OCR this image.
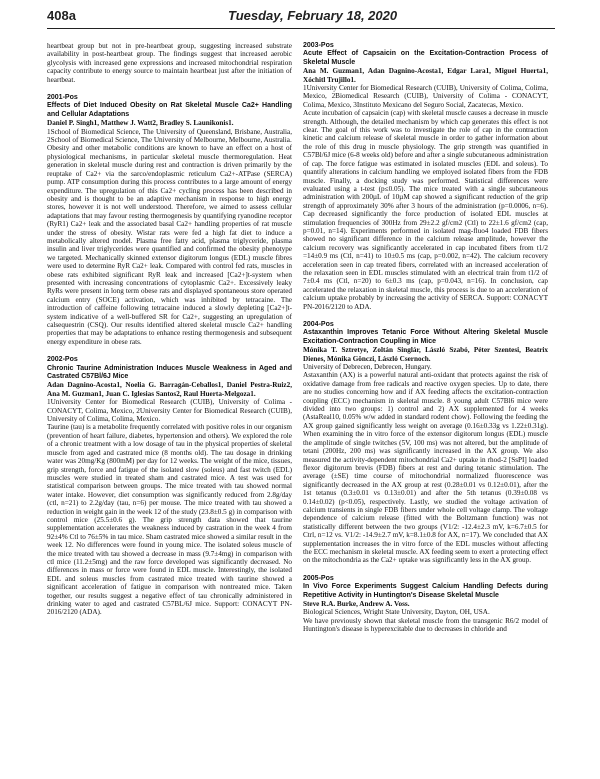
408a	Tuesday, February 18, 2020

heartbeat group but not in pre-heartbeat group, suggesting increased substrate availability in post-heartbeat group. The findings suggest that increased aerobic glycolysis with increased gene expressions and increased mitochondrial respiration capacity contribute to energy source to maintain heartbeat just after the initiation of heartbeat.

2001-Pos
Effects of Diet Induced Obesity on Rat Skeletal Muscle Ca2+ Handling and Cellular Adaptations
Daniel P. Singh1, Matthew J. Watt2, Bradley S. Launikonis1.
1School of Biomedical Science, The University of Queensland, Brisbane, Australia, 2School of Biomedical Science, The University of Melbourne, Melbourne, Australia.

Obesity and other metabolic conditions are known to have an effect on a host of physiological mechanisms, in particular skeletal muscle thermoregulation. Heat generation in skeletal muscle during rest and contraction is driven primarily by the reuptake of Ca2+ via the sarco/endoplasmic reticulum Ca2+-ATPase (SERCA) pump. ATP consumption during this process contributes to a large amount of energy expenditure. The upregulation of this Ca2+ cycling process has been described in obesity and is thought to be an adaptive mechanism in response to high energy stores, however it is not well understood. Therefore, we aimed to assess cellular adaptations that may favour resting thermogenesis by quantifying ryanodine receptor (RyR1) Ca2+ leak and the associated basal Ca2+ handling properties of rat muscle under the stress of obesity. Wistar rats were fed a high fat diet to induce a metabolically altered model. Plasma free fatty acid, plasma triglyceride, plasma insulin and liver triglycerides were quantified and confirmed the obesity phenotype we targeted. Mechanically skinned extensor digitorum longus (EDL) muscle fibres were used to determine RyR Ca2+ leak. Compared with control fed rats, muscles in obese rats exhibited significant RyR leak and increased [Ca2+]t-system when presented with increasing concentrations of cytoplasmic Ca2+. Excessively leaky RyRs were present in long term obese rats and displayed spontaneous store operated calcium entry (SOCE) activation, which was inhibited by tetracaine. The introduction of caffeine following tetracaine induced a slowly depleting [Ca2+]t-system indicative of a well-buffered SR for Ca2+, suggesting an upregulation of calsequestrin (CSQ). Our results identified altered skeletal muscle Ca2+ handling properties that may be adaptations to enhance resting thermogenesis and subsequent energy expenditure in obese rats.

2002-Pos
Chronic Taurine Administration Induces Muscle Weakness in Aged and Castrated C57Bl/6J Mice
Adan Dagnino-Acosta1, Noelia G. Barragán-Ceballos1, Daniel Pestra-Ruiz2, Ana M. Guzman1, Juan C. Iglesias Santos2, Raul Huerta-Melgoza1.
1University Center for Biomedical Research (CUIB), University of Colima - CONACYT, Colima, Mexico, 2University Center for Biomedical Research (CUIB), University of Colima, Colima, Mexico.

Taurine (tau) is a metabolite frequently correlated with positive roles in our organism (prevention of heart failure, diabetes, hypertension and others). We explored the role of a chronic treatment with a low dosage of tau in the physical properties of skeletal muscle from aged and castrated mice (8 months old). The tau dosage in drinking water was 20mg/Kg (800mM) per day for 12 weeks. The weight of the mice, tissues, grip strength, force and fatigue of the isolated slow (soleus) and fast twitch (EDL) muscles were studied in treated sham and castrated mice. A test was used for statistical comparison between groups. The mice treated with tau showed normal water intake. However, diet consumption was significantly reduced from 2.8g/day (ctl, n=21) to 2.2g/day (tau, n=6) per mouse. The mice treated with tau showed a reduction in weight gain in the week 12 of the study (23.8±0.5 g) in comparison with control mice (25.5±0.6 g). The grip strength data showed that taurine supplementation accelerates the weakness induced by castration in the week 4 from 92±4% Ctl to 76±5% in tau mice. Sham castrated mice showed a similar result in the week 12. No differences were found in young mice. The isolated soleus muscle of the mice treated with tau showed a decrease in mass (9.7±4mg) in comparison with ctl mice (11.2±5mg) and the raw force developed was significantly decreased. No differences in mass or force were found in EDL muscle. Interestingly, the isolated EDL and soleus muscles from castrated mice treated with taurine showed a significant acceleration of fatigue in comparison with nontreated mice. Taken together, our results suggest a negative effect of tau chronically administered in drinking water to aged and castrated C57BL/6J mice. Support: CONACYT PN-2016/2120 (ADA).

2003-Pos
Acute Effect of Capsaicin on the Excitation-Contraction Process of Skeletal Muscle
Ana M. Guzman1, Adan Dagnino-Acosta1, Edgar Lara1, Miguel Huerta1, Xóchitl Trujillo1.
1University Center for Biomedical Research (CUIB), University of Colima, Colima, Mexico, 2Biomedical Research (CUIB), University of Colima - CONACYT, Colima, Mexico, 3Instituto Mexicano del Seguro Social, Zacatecas, Mexico.

Acute incubation of capsaicin (cap) with skeletal muscle causes a decrease in muscle strength. Although, the detailed mechanism by which cap generates this effect is not clear. The goal of this work was to investigate the role of cap in the contraction kinetic and calcium release of skeletal muscle in order to gather information about the role of this drug in muscle physiology. The grip strength was quantified in C57Bl/6J mice (6-8 weeks old) before and after a single subcutaneous administration of cap. The force fatigue was estimated in isolated muscles (EDL and soleus). To quantify alterations in calcium handling we employed isolated fibers from the FDB muscle. Finally, a docking study was performed. Statistical differences were evaluated using a t-test (p≤0.05). The mice treated with a single subcutaneous administration with 200µL of 10µM cap showed a significant reduction of the grip strength of approximately 30% after 3 hours of the administration (p=0.0006, n=6). Cap decreased significantly the force production of isolated EDL muscles at stimulation frequencies of 300Hz from 29±2.2 gf/cm2 (Ctl) to 22±1.6 gf/cm2 (cap, p=0.01, n=14). Experiments performed in isolated mag-fluo4 loaded FDB fibers showed no significant difference in the calcium release amplitude, however the calcium recovery was significantly accelerated in cap incubated fibers from t1/2 =14±0.9 ms (Ctl, n=41) to 10±0.5 ms (cap, p=0.002, n=42). The calcium recovery acceleration seen in cap treated fibers, correlated with an increased acceleration of the relaxation seen in EDL muscles stimulated with an electrical train from t1/2 of 7±0.4 ms (Ctl, n=20) to 6±0.3 ms (cap, p=0.043, n=16). In conclusion, cap accelerated the relaxation in skeletal muscle, this process is due to an acceleration of calcium uptake probably by increasing the activity of SERCA. Support: CONACYT PN-2016/2120 to ADA.

2004-Pos
Astaxanthin Improves Tetanic Force Without Altering Skeletal Muscle Excitation-Contraction Coupling in Mice
Mónika T. Sztretye, Zoltán Singlár, László Szabó, Péter Szentesi, Beatrix Dienes, Mónika Gönczi, László Csernoch.
University of Debrecen, Debrecen, Hungary.

Astaxanthin (AX) is a powerful natural anti-oxidant that protects against the risk of oxidative damage from free radicals and reactive oxygen species. Up to date, there are no studies concerning how and if AX feeding affects the excitation-contraction coupling (ECC) mechanism in skeletal muscle. 8 young adult C57Bl6 mice were divided into two groups: 1) control and 2) AX supplemented for 4 weeks (AstaReal10, 0.05% w/w added in standard rodent chow). Following the feeding the AX group gained significantly less weight on average (0.16±0.33g vs 1.22±0.31g). When examining the in vitro force of the extensor digitorum longus (EDL) muscle the amplitude of single twitches (5V, 100 ms) was not altered, but the amplitude of tetani (200Hz, 200 ms) was significantly increased in the AX group. We also measured the activity-dependent mitochondrial Ca2+ uptake in rhod-2 [SsPI] loaded flexor digitorum brevis (FDB) fibers at rest and during tetanic stimulation. The average (±SE) time course of mitochondrial normalized fluorescence was significantly decreased in the AX group at rest (0.28±0.01 vs 0.12±0.01), after the 1st tetanus (0.3±0.01 vs 0.13±0.01) and after the 5th tetanus (0.39±0.08 vs 0.14±0.02) (p<0.05), respectively. Lastly, we studied the voltage activation of calcium transients in single FDB fibers under whole cell voltage clamp. The voltage dependence of calcium release (fitted with the Boltzmann function) was not statistically different between the two groups (V1/2: -12.4±2.3 mV, k=6.7±0.5 for Ctrl, n=12 vs. V1/2: -14.9±2.7 mV, k=8.1±0.8 for AX, n=17). We concluded that AX supplementation increases the in vitro force of the EDL muscles without affecting the ECC mechanism in skeletal muscle. AX feeding seem to exert a protecting effect on the mitochondria as the Ca2+ uptake was significantly less in the AX group.

2005-Pos
In Vivo Force Experiments Suggest Calcium Handling Defects during Repetitive Activity in Huntington's Disease Skeletal Muscle
Steve R.A. Burke, Andrew A. Voss.
Biological Sciences, Wright State University, Dayton, OH, USA.

We have previously shown that skeletal muscle from the transgenic R6/2 model of Huntington's disease is hyperexcitable due to decreases in chloride and
